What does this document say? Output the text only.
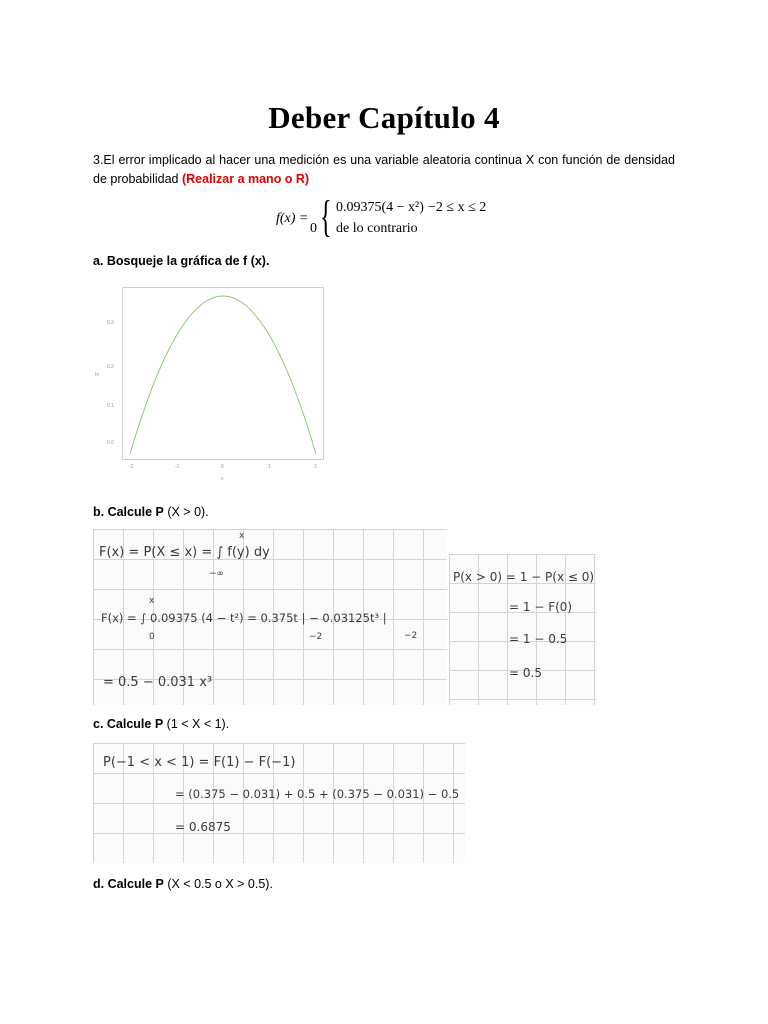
Deber Capítulo 4
3.El error implicado al hacer una medición es una variable aleatoria continua X con función de densidad de probabilidad (Realizar a mano o R)
f(x) = { 0.09375(4 − x²) −2 ≤ x ≤ 2
0 de lo contrario
a. Bosqueje la gráfica de f (x).
0.0
0.1
0.2
0.3
fx
-2	-1	0	1	2
x
b. Calcule P (X > 0).
F(x) = P(X ≤ x) = ∫ f(y) dy
x
−∞
F(x) = ∫ 0.09375 (4 − t²) = 0.375t | − 0.03125t³ |
x
0	−2	−2
= 0.5 − 0.031 x³
P(x > 0) = 1 − P(x ≤ 0)
= 1 − F(0)
= 1 − 0.5
= 0.5
c. Calcule P (1 < X < 1).
P(−1 < x < 1) = F(1) − F(−1)
= (0.375 − 0.031) + 0.5 + (0.375 − 0.031) − 0.5
= 0.6875
d. Calcule P (X < 0.5 o X > 0.5).
